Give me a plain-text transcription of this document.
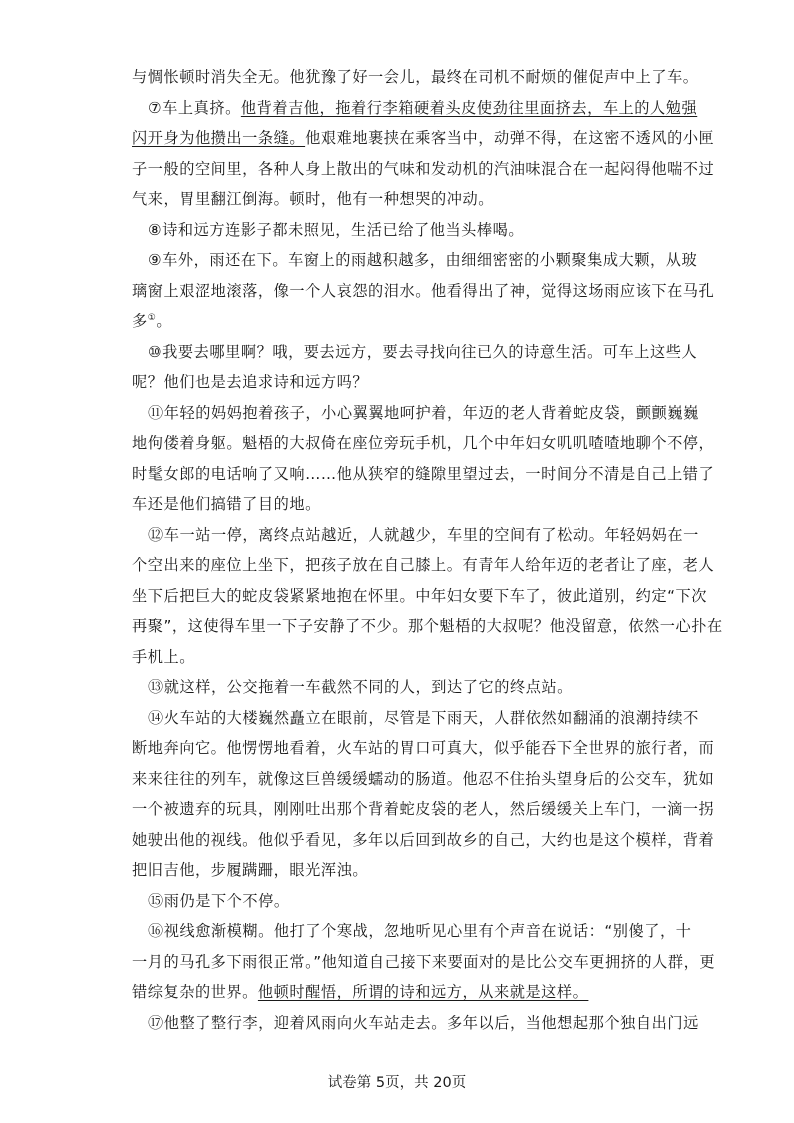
与惆怅顿时消失全无。他犹豫了好一会儿，最终在司机不耐烦的催促声中上了车。
⑦车上真挤。他背着吉他，拖着行李箱硬着头皮使劲往里面挤去，车上的人勉强
闪开身为他攒出一条缝。他艰难地裹挟在乘客当中，动弹不得，在这密不透风的小匣
子一般的空间里，各种人身上散出的气味和发动机的汽油味混合在一起闷得他喘不过
气来，胃里翻江倒海。顿时，他有一种想哭的冲动。
⑧诗和远方连影子都未照见，生活已给了他当头棒喝。
⑨车外，雨还在下。车窗上的雨越积越多，由细细密密的小颗聚集成大颗，从玻
璃窗上艰涩地滚落，像一个人哀怨的泪水。他看得出了神，觉得这场雨应该下在马孔
多①。
⑩我要去哪里啊？哦，要去远方，要去寻找向往已久的诗意生活。可车上这些人
呢？他们也是去追求诗和远方吗？
⑪年轻的妈妈抱着孩子，小心翼翼地呵护着，年迈的老人背着蛇皮袋，颤颤巍巍
地佝偻着身躯。魁梧的大叔倚在座位旁玩手机，几个中年妇女叽叽喳喳地聊个不停，
时髦女郎的电话响了又响……他从狭窄的缝隙里望过去，一时间分不清是自己上错了
车还是他们搞错了目的地。
⑫车一站一停，离终点站越近，人就越少，车里的空间有了松动。年轻妈妈在一
个空出来的座位上坐下，把孩子放在自己膝上。有青年人给年迈的老者让了座，老人
坐下后把巨大的蛇皮袋紧紧地抱在怀里。中年妇女要下车了，彼此道别，约定“下次
再聚”，这使得车里一下子安静了不少。那个魁梧的大叔呢？他没留意，依然一心扑在
手机上。
⑬就这样，公交拖着一车截然不同的人，到达了它的终点站。
⑭火车站的大楼巍然矗立在眼前，尽管是下雨天，人群依然如翻涌的浪潮持续不
断地奔向它。他愣愣地看着，火车站的胃口可真大，似乎能吞下全世界的旅行者，而
来来往往的列车，就像这巨兽缓缓蠕动的肠道。他忍不住抬头望身后的公交车，犹如
一个被遗弃的玩具，刚刚吐出那个背着蛇皮袋的老人，然后缓缓关上车门，一滴一拐
她驶出他的视线。他似乎看见，多年以后回到故乡的自己，大约也是这个模样，背着
把旧吉他，步履蹒跚，眼光浑浊。
⑮雨仍是下个不停。
⑯视线愈渐模糊。他打了个寒战，忽地听见心里有个声音在说话：“别傻了，十
一月的马孔多下雨很正常。”他知道自己接下来要面对的是比公交车更拥挤的人群，更
错综复杂的世界。他顿时醒悟，所谓的诗和远方，从来就是这样。
⑰他整了整行李，迎着风雨向火车站走去。多年以后，当他想起那个独自出门远
试卷第 5页，共 20页
